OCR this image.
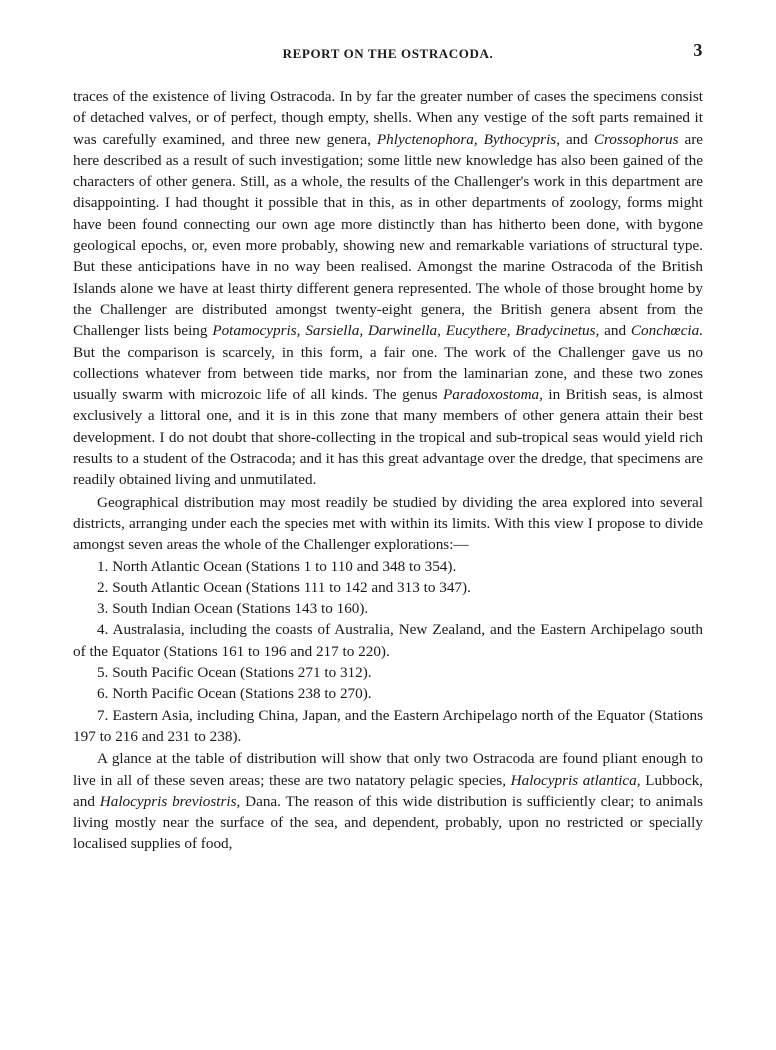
REPORT ON THE OSTRACODA.	3

traces of the existence of living Ostracoda. In by far the greater number of cases the specimens consist of detached valves, or of perfect, though empty, shells. When any vestige of the soft parts remained it was carefully examined, and three new genera, Phlyctenophora, Bythocypris, and Crossophorus are here described as a result of such investigation; some little new knowledge has also been gained of the characters of other genera. Still, as a whole, the results of the Challenger's work in this department are disappointing. I had thought it possible that in this, as in other departments of zoology, forms might have been found connecting our own age more distinctly than has hitherto been done, with bygone geological epochs, or, even more probably, showing new and remarkable variations of structural type. But these anticipations have in no way been realised. Amongst the marine Ostracoda of the British Islands alone we have at least thirty different genera represented. The whole of those brought home by the Challenger are distributed amongst twenty-eight genera, the British genera absent from the Challenger lists being Potamocypris, Sarsiella, Darwinella, Eucythere, Bradycinetus, and Conchœcia. But the comparison is scarcely, in this form, a fair one. The work of the Challenger gave us no collections whatever from between tide marks, nor from the laminarian zone, and these two zones usually swarm with microzoic life of all kinds. The genus Paradoxostoma, in British seas, is almost exclusively a littoral one, and it is in this zone that many members of other genera attain their best development. I do not doubt that shore-collecting in the tropical and sub-tropical seas would yield rich results to a student of the Ostracoda; and it has this great advantage over the dredge, that specimens are readily obtained living and unmutilated.

Geographical distribution may most readily be studied by dividing the area explored into several districts, arranging under each the species met with within its limits. With this view I propose to divide amongst seven areas the whole of the Challenger explorations:—

1. North Atlantic Ocean (Stations 1 to 110 and 348 to 354).
2. South Atlantic Ocean (Stations 111 to 142 and 313 to 347).
3. South Indian Ocean (Stations 143 to 160).
4. Australasia, including the coasts of Australia, New Zealand, and the Eastern Archipelago south of the Equator (Stations 161 to 196 and 217 to 220).
5. South Pacific Ocean (Stations 271 to 312).
6. North Pacific Ocean (Stations 238 to 270).
7. Eastern Asia, including China, Japan, and the Eastern Archipelago north of the Equator (Stations 197 to 216 and 231 to 238).

A glance at the table of distribution will show that only two Ostracoda are found pliant enough to live in all of these seven areas; these are two natatory pelagic species, Halocypris atlantica, Lubbock, and Halocypris breviostris, Dana. The reason of this wide distribution is sufficiently clear; to animals living mostly near the surface of the sea, and dependent, probably, upon no restricted or specially localised supplies of food,
